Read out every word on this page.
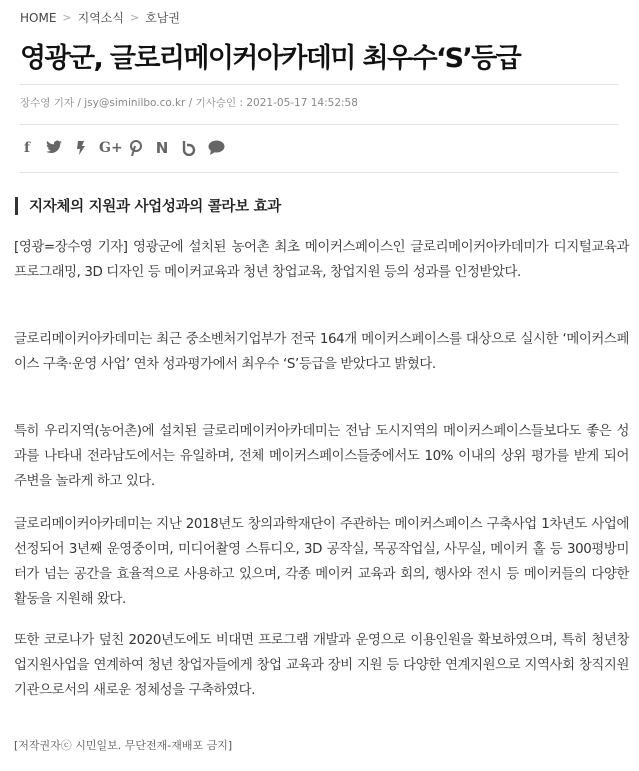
HOME > 지역소식 > 호남권
영광군, 글로리메이커아카데미 최우수‘S’등급
장수영 기자 / jsy@siminilbo.co.kr / 기사승인 : 2021-05-17 14:52:58
f	G+ N
지자체의 지원과 사업성과의 콜라보 효과

[영광=장수영 기자] 영광군에 설치된 농어촌 최초 메이커스페이스인 글로리메이커아카데미가 디지털교육과 프로그래밍, 3D 디자인 등 메이커교육과 청년 창업교육, 창업지원 등의 성과를 인정받았다.

글로리메이커아카데미는 최근 중소벤처기업부가 전국 164개 메이커스페이스를 대상으로 실시한 ‘메이커스페이스 구축·운영 사업’ 연차 성과평가에서 최우수 ‘S’등급을 받았다고 밝혔다.

특히 우리지역(농어촌)에 설치된 글로리메이커아카데미는 전남 도시지역의 메이커스페이스들보다도 좋은 성과를 나타내 전라남도에서는 유일하며, 전체 메이커스페이스들중에서도 10% 이내의 상위 평가를 받게 되어 주변을 놀라게 하고 있다.

글로리메이커아카데미는 지난 2018년도 창의과학재단이 주관하는 메이커스페이스 구축사업 1차년도 사업에 선정되어 3년째 운영중이며, 미디어촬영 스튜디오, 3D 공작실, 목공작업실, 사무실, 메이커 홀 등 300평방미터가 넘는 공간을 효율적으로 사용하고 있으며, 각종 메이커 교육과 회의, 행사와 전시 등 메이커들의 다양한 활동을 지원해 왔다.

또한 코로나가 덮친 2020년도에도 비대면 프로그램 개발과 운영으로 이용인원을 확보하였으며, 특히 청년창업지원사업을 연계하여 청년 창업자들에게 창업 교육과 장비 지원 등 다양한 연계지원으로 지역사회 창직지원기관으로서의 새로운 정체성을 구축하였다.

[저작권자ⓒ 시민일보. 무단전재-재배포 금지]
